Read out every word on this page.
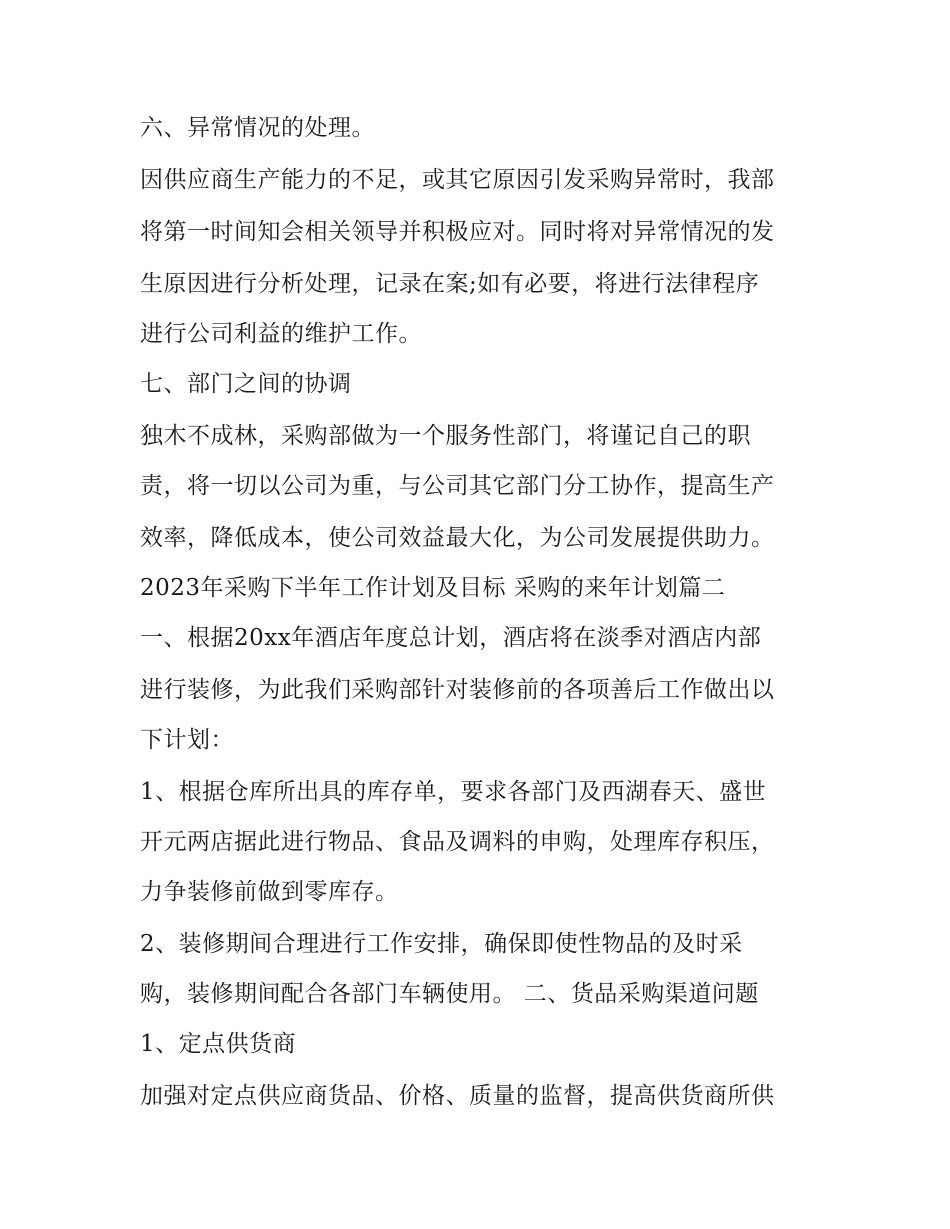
六、异常情况的处理。
因供应商生产能力的不足，或其它原因引发采购异常时，我部
将第一时间知会相关领导并积极应对。同时将对异常情况的发
生原因进行分析处理，记录在案;如有必要，将进行法律程序
进行公司利益的维护工作。
七、部门之间的协调
独木不成林，采购部做为一个服务性部门，将谨记自己的职
责，将一切以公司为重，与公司其它部门分工协作，提高生产
效率，降低成本，使公司效益最大化，为公司发展提供助力。
2023年采购下半年工作计划及目标 采购的来年计划篇二
一、根据20xx年酒店年度总计划，酒店将在淡季对酒店内部
进行装修，为此我们采购部针对装修前的各项善后工作做出以
下计划：
1、根据仓库所出具的库存单，要求各部门及西湖春天、盛世
开元两店据此进行物品、食品及调料的申购，处理库存积压，
力争装修前做到零库存。
2、装修期间合理进行工作安排，确保即使性物品的及时采
购，装修期间配合各部门车辆使用。 二、货品采购渠道问题
1、定点供货商
加强对定点供应商货品、价格、质量的监督，提高供货商所供
